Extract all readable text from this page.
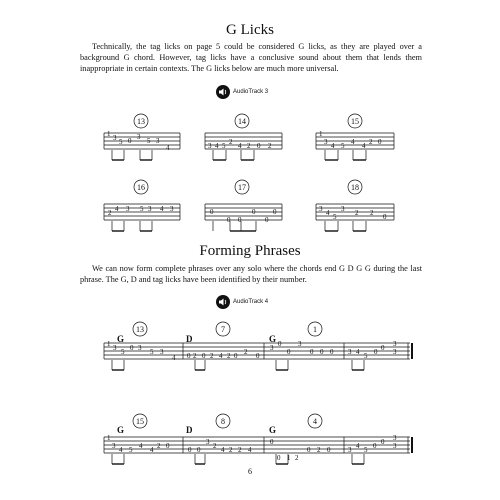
G Licks
Technically, the tag licks on page 5 could be considered G licks, as they are played over a background G chord. However, tag licks have a conclusive sound about them that lends them inappropriate in certain contexts. The G licks below are much more universal.
AudioTrack 3
Forming Phrases
We can now form complete phrases over any solo where the chords end G D G G during the last phrase. The G, D and tag licks have been identified by their number.
AudioTrack 4
13
1 3 5 0 3 5 3
4
14
3 4 5 2 4 2 0 2
15
1
3 4 5 4 4 2 0
16
2 4 3 5 3 4 3
17
0
0 0
0
0
0
18
3 4 5
3 2 2 0
13	7	1
G	D	G
1 3 5 0 3 5 3
4 0 2 0 2 4 2 0 2 0
3 0
0
3
0 0 0 3 4 5 0 0 3
3
15	8	4
G	D	G
1
3 4 5 4 4 2 0	0 0
3 2 4 2 2 4
0
0 1 2
0 2 0	3 4 5 0 0 3
3
6
